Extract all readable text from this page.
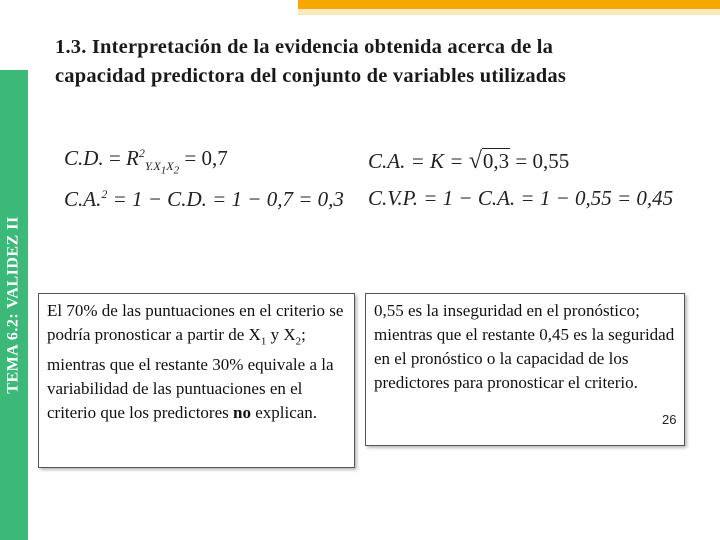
TEMA 6.2: VALIDEZ II
1.3. Interpretación de la evidencia obtenida acerca de la
capacidad predictora del conjunto de variables utilizadas
C.D. = $R^2_{Y.X_1X_2} = 0,7$
C.A.$^2$ = 1 − C.D. = 1 − 0,7 = 0,3
C.A. = K = √0,3 = 0,55
C.V.P. = 1 − C.A. = 1 − 0,55 = 0,45
El 70% de las puntuaciones en el criterio se podría pronosticar a partir de $X_1$ y $X_2$; mientras que el restante 30% equivale a la variabilidad de las puntuaciones en el criterio que los predictores no explican.
0,55 es la inseguridad en el pronóstico; mientras que el restante 0,45 es la seguridad en el pronóstico o la capacidad de los predictores para pronosticar el criterio.
26
